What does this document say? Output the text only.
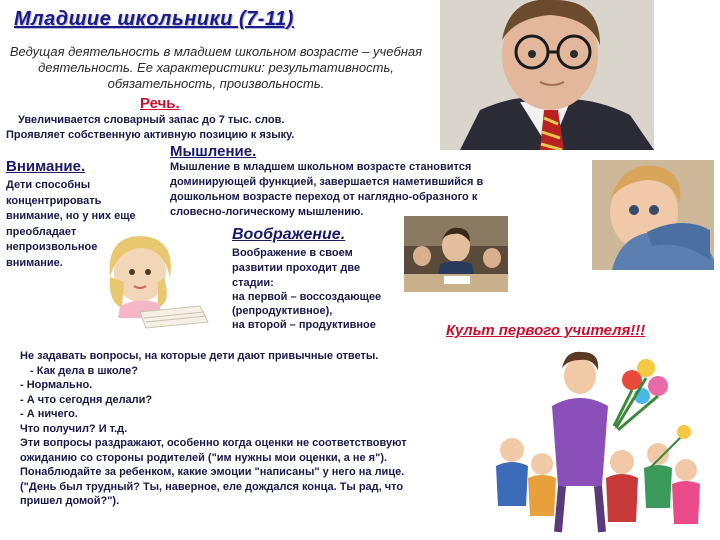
Младшие школьники (7-11)
Ведущая деятельность в младшем школьном возрасте – учебная деятельность. Ее характеристики: результативность, обязательность, произвольность.
Речь.
Увеличивается словарный запас до 7 тыс. слов.
Проявляет собственную активную позицию к языку.
Мышление.
Мышление в младшем школьном возрасте становится доминирующей функцией, завершается наметившийся в дошкольном возрасте переход от наглядно-образного к словесно-логическому мышлению.
Внимание.
Дети способны концентрировать внимание, но у них еще преобладает непроизвольное внимание.
Воображение.
Воображение в своем
развитии проходит две
стадии:
на первой – воссоздающее
(репродуктивное),
на второй – продуктивное	Культ первого учителя!!!
Не задавать вопросы, на которые дети дают привычные ответы.
- Как дела в школе?
- Нормально.
- А что сегодня делали?
- А ничего.
Что получил? И т.д.
Эти вопросы раздражают, особенно когда оценки не соответствовуют
ожиданию со стороны родителей ("им нужны мои оценки, а не я").
Понаблюдайте за ребенком, какие эмоции "написаны" у него на лице.
("День был трудный? Ты, наверное, еле дождался конца. Ты рад, что
пришел домой?").
